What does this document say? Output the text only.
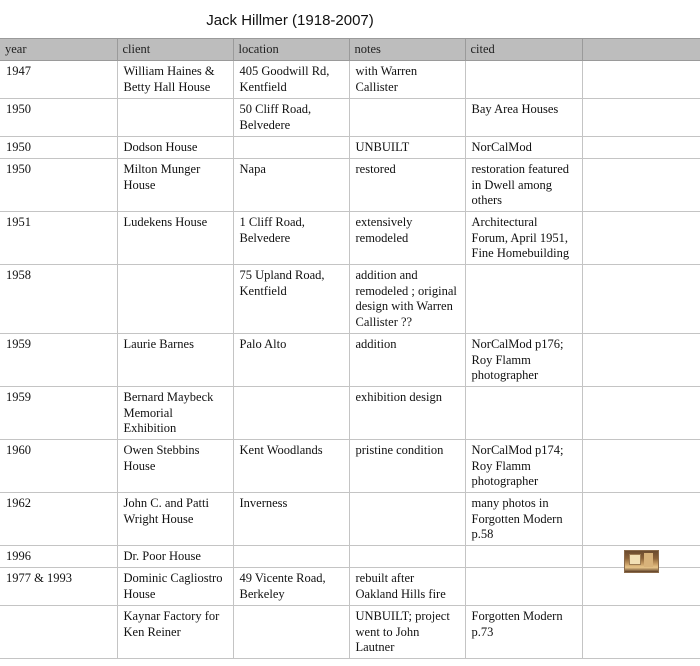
Jack Hillmer (1918-2007)
year	client	location	notes	cited	
1947	William Haines & Betty Hall House	405 Goodwill Rd, Kentfield	with Warren Callister		
1950		50 Cliff Road, Belvedere		Bay Area Houses	
1950	Dodson House		UNBUILT	NorCalMod	
1950	Milton Munger House	Napa	restored	restoration featured in Dwell among others	
1951	Ludekens House	1 Cliff Road, Belvedere	extensively remodeled	Architectural Forum, April 1951, Fine Homebuilding	
1958		75 Upland Road, Kentfield	addition and remodeled ; original design with Warren Callister ??		
1959	Laurie Barnes	Palo Alto	addition	NorCalMod p176; Roy Flamm photographer	
1959	Bernard Maybeck Memorial Exhibition		exhibition design		
1960	Owen Stebbins House	Kent Woodlands	pristine condition	NorCalMod p174; Roy Flamm photographer	
1962	John C. and Patti Wright House	Inverness		many photos in Forgotten Modern p.58	
1996	Dr. Poor House				
1977 & 1993	Dominic Cagliostro House	49 Vicente Road, Berkeley	rebuilt after Oakland Hills fire		
	Kaynar Factory for Ken Reiner		UNBUILT; project went to John Lautner	Forgotten Modern p.73	
